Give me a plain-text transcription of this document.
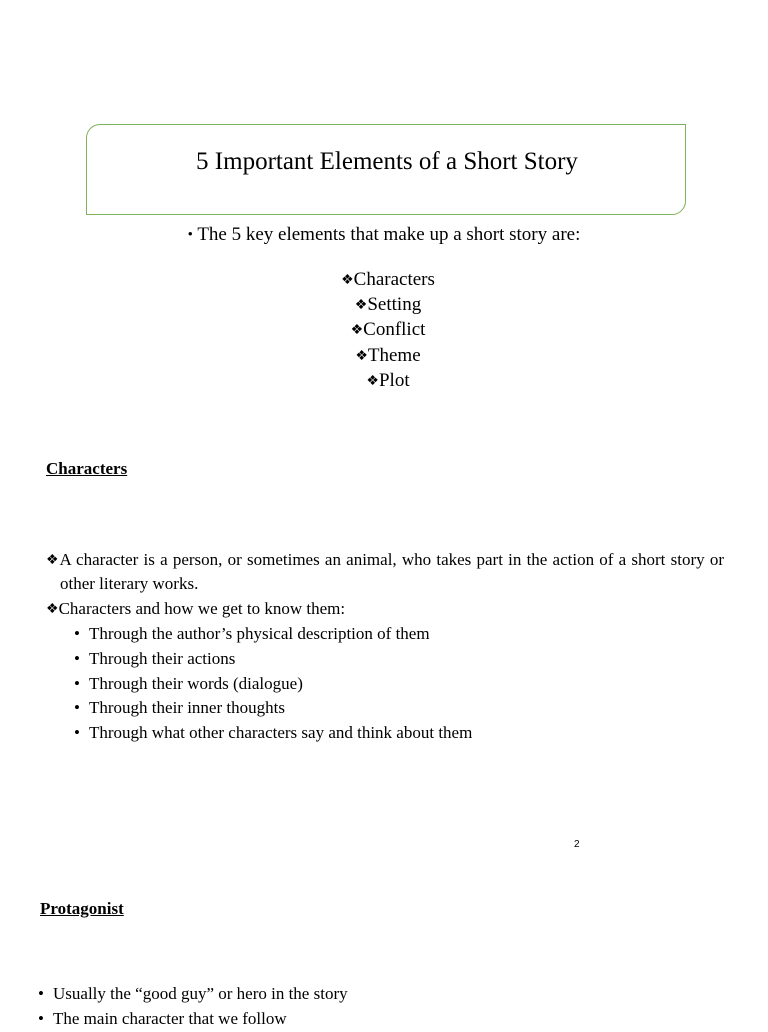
5 Important Elements of a Short Story
• The 5 key elements that make up a short story are:
❖Characters
❖Setting
❖Conflict
❖Theme
❖Plot
Characters
❖A character is a person, or sometimes an animal, who takes part in the action of a short story or other literary works.
❖Characters and how we get to know them:
• Through the author’s physical description of them
• Through their actions
• Through their words (dialogue)
• Through their inner thoughts
• Through what other characters say and think about them
2
Protagonist
• Usually the “good guy” or hero in the story
• The main character that we follow
